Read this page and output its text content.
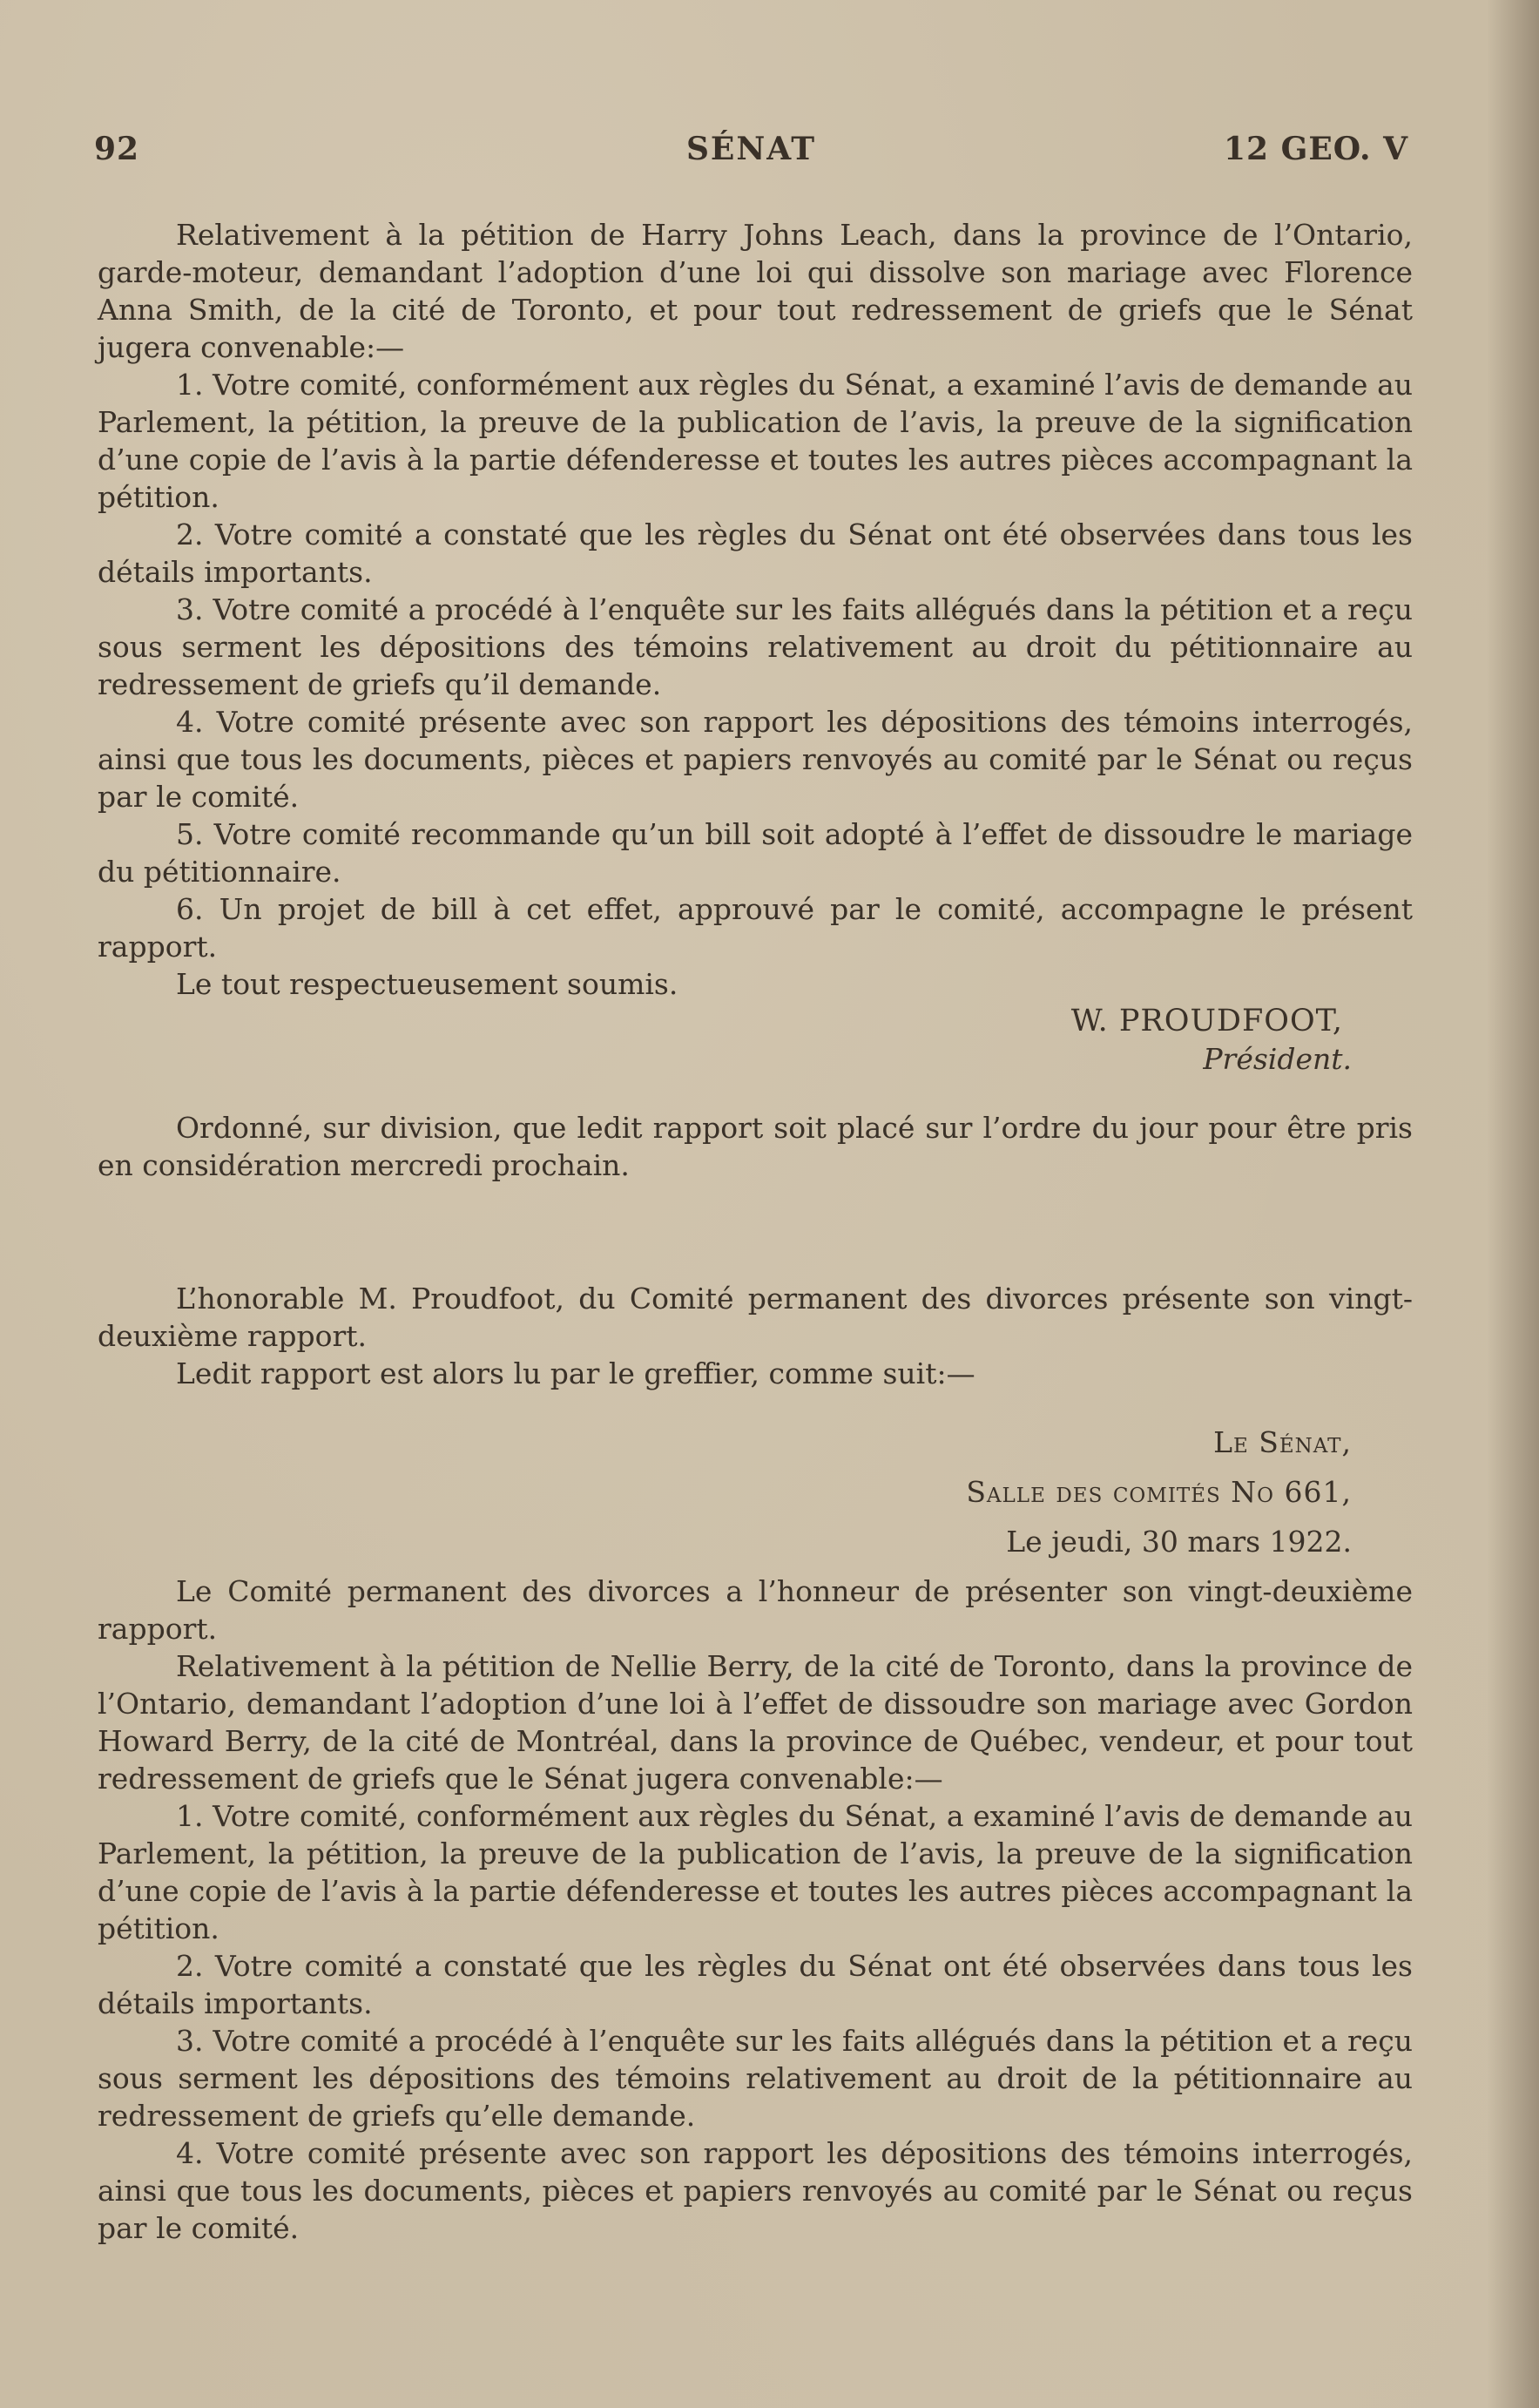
92	SÉNAT	12 GEO. V

Relativement à la pétition de Harry Johns Leach, dans la province de l’Ontario, garde-moteur, demandant l’adoption d’une loi qui dissolve son mariage avec Florence Anna Smith, de la cité de Toronto, et pour tout redressement de griefs que le Sénat jugera convenable:—

1. Votre comité, conformément aux règles du Sénat, a examiné l’avis de demande au Parlement, la pétition, la preuve de la publication de l’avis, la preuve de la signification d’une copie de l’avis à la partie défenderesse et toutes les autres pièces accompagnant la pétition.

2. Votre comité a constaté que les règles du Sénat ont été observées dans tous les détails importants.

3. Votre comité a procédé à l’enquête sur les faits allégués dans la pétition et a reçu sous serment les dépositions des témoins relativement au droit du pétitionnaire au redressement de griefs qu’il demande.

4. Votre comité présente avec son rapport les dépositions des témoins interrogés, ainsi que tous les documents, pièces et papiers renvoyés au comité par le Sénat ou reçus par le comité.

5. Votre comité recommande qu’un bill soit adopté à l’effet de dissoudre le mariage du pétitionnaire.

6. Un projet de bill à cet effet, approuvé par le comité, accompagne le présent rapport.

Le tout respectueusement soumis.

W. PROUDFOOT,
Président.

Ordonné, sur division, que ledit rapport soit placé sur l’ordre du jour pour être pris en considération mercredi prochain.

L’honorable M. Proudfoot, du Comité permanent des divorces présente son vingt-deuxième rapport.

Ledit rapport est alors lu par le greffier, comme suit:—

Le Sénat,
Salle des comités No 661,
Le jeudi, 30 mars 1922.

Le Comité permanent des divorces a l’honneur de présenter son vingt-deuxième rapport.

Relativement à la pétition de Nellie Berry, de la cité de Toronto, dans la province de l’Ontario, demandant l’adoption d’une loi à l’effet de dissoudre son mariage avec Gordon Howard Berry, de la cité de Montréal, dans la province de Québec, vendeur, et pour tout redressement de griefs que le Sénat jugera convenable:—

1. Votre comité, conformément aux règles du Sénat, a examiné l’avis de demande au Parlement, la pétition, la preuve de la publication de l’avis, la preuve de la signification d’une copie de l’avis à la partie défenderesse et toutes les autres pièces accompagnant la pétition.

2. Votre comité a constaté que les règles du Sénat ont été observées dans tous les détails importants.

3. Votre comité a procédé à l’enquête sur les faits allégués dans la pétition et a reçu sous serment les dépositions des témoins relativement au droit de la pétitionnaire au redressement de griefs qu’elle demande.

4. Votre comité présente avec son rapport les dépositions des témoins interrogés, ainsi que tous les documents, pièces et papiers renvoyés au comité par le Sénat ou reçus par le comité.
